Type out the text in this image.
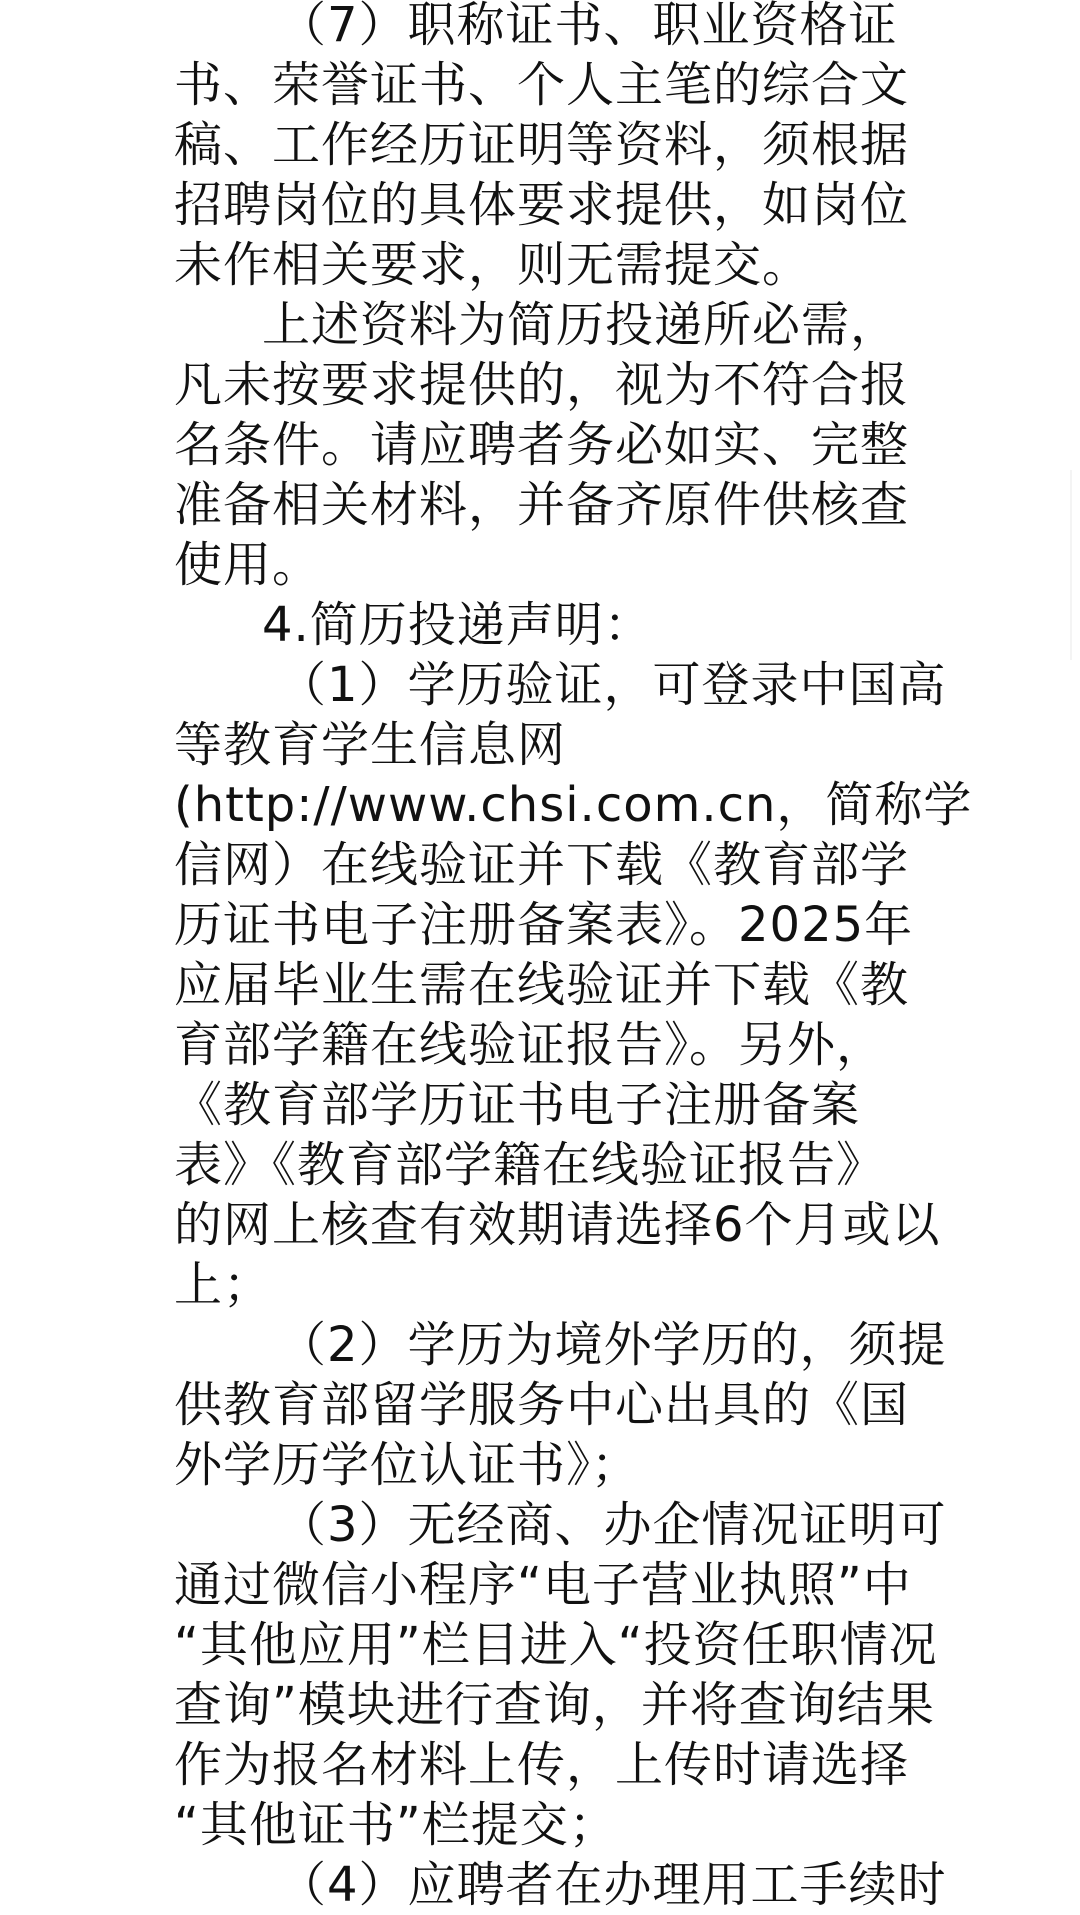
（7）职称证书、职业资格证
书、荣誉证书、个人主笔的综合文
稿、工作经历证明等资料，须根据
招聘岗位的具体要求提供，如岗位
未作相关要求，则无需提交。
上述资料为简历投递所必需，
凡未按要求提供的，视为不符合报
名条件。请应聘者务必如实、完整
准备相关材料，并备齐原件供核查
使用。
4.简历投递声明：
（1）学历验证，可登录中国高
等教育学生信息网
(http://www.chsi.com.cn，简称学
信网）在线验证并下载《教育部学
历证书电子注册备案表》。2025年
应届毕业生需在线验证并下载《教
育部学籍在线验证报告》。另外，
《教育部学历证书电子注册备案
表》《教育部学籍在线验证报告》
的网上核查有效期请选择6个月或以
上；
（2）学历为境外学历的，须提
供教育部留学服务中心出具的《国
外学历学位认证书》；
（3）无经商、办企情况证明可
通过微信小程序“电子营业执照”中
“其他应用”栏目进入“投资任职情况
查询”模块进行查询，并将查询结果
作为报名材料上传，上传时请选择
“其他证书”栏提交；
（4）应聘者在办理用工手续时
